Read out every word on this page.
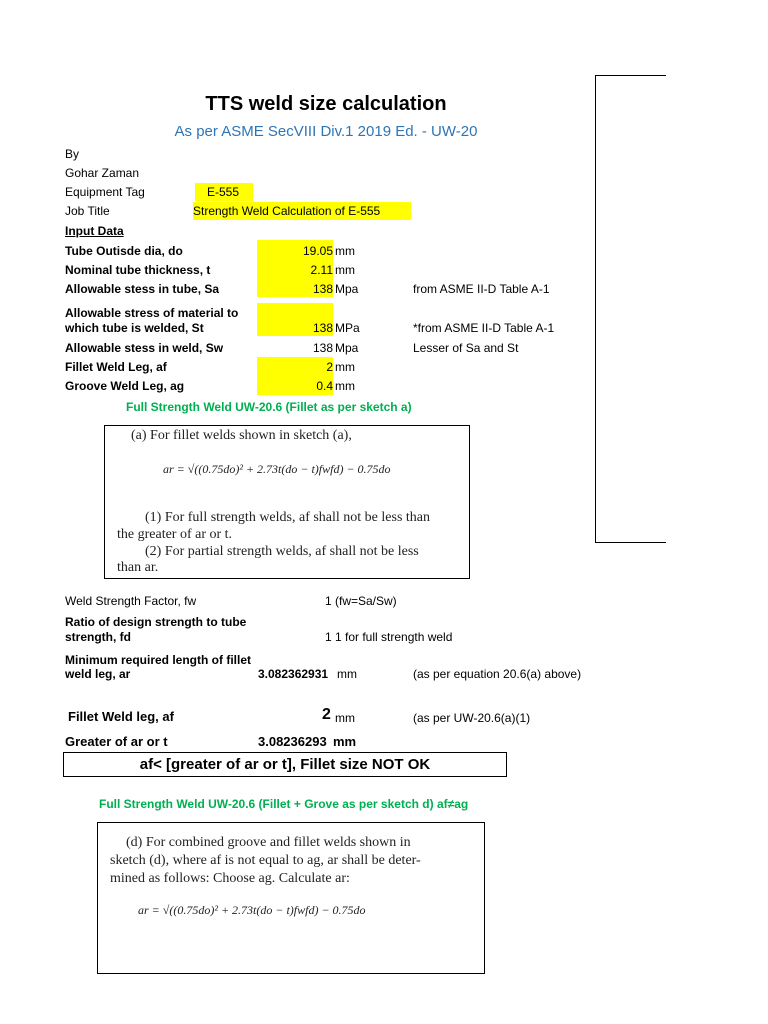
TTS weld size calculation
As per ASME SecVIII Div.1 2019 Ed. - UW-20
By
Gohar Zaman
Equipment Tag	E-555
Job Title	Strength Weld Calculation of E-555
Input Data
Tube Outisde dia, do	19.05 mm
Nominal tube thickness, t	2.11 mm
Allowable stess in tube, Sa	138 Mpa	from ASME II-D Table A-1
Allowable stress of material to
which tube is welded, St	138 MPa	*from ASME II-D Table A-1
Allowable stess in weld, Sw	138 Mpa	Lesser of Sa and St
Fillet Weld Leg, af	2 mm
Groove Weld Leg, ag	0.4 mm
Full Strength Weld UW-20.6 (Fillet as per sketch a)
(a) For fillet welds shown in sketch (a),
ar = √((0.75do)² + 2.73t(do − t)fwfd) − 0.75do
(1) For full strength welds, af shall not be less than
the greater of ar or t.
(2) For partial strength welds, af shall not be less
than ar.
Weld Strength Factor, fw	1 (fw=Sa/Sw)
Ratio of design strength to tube
strength, fd	1 1 for full strength weld
Minimum required length of fillet
weld leg, ar	3.082362931 mm	(as per equation 20.6(a) above)
Fillet Weld leg, af	2 mm	(as per UW-20.6(a)(1)
Greater of ar or t	3.08236293 mm
af< [greater of ar or t], Fillet size NOT OK
Full Strength Weld UW-20.6 (Fillet + Grove as per sketch d) af≠ag
(d) For combined groove and fillet welds shown in
sketch (d), where af is not equal to ag, ar shall be deter-
mined as follows: Choose ag. Calculate ar:
ar = √((0.75do)² + 2.73t(do − t)fwfd) − 0.75do
